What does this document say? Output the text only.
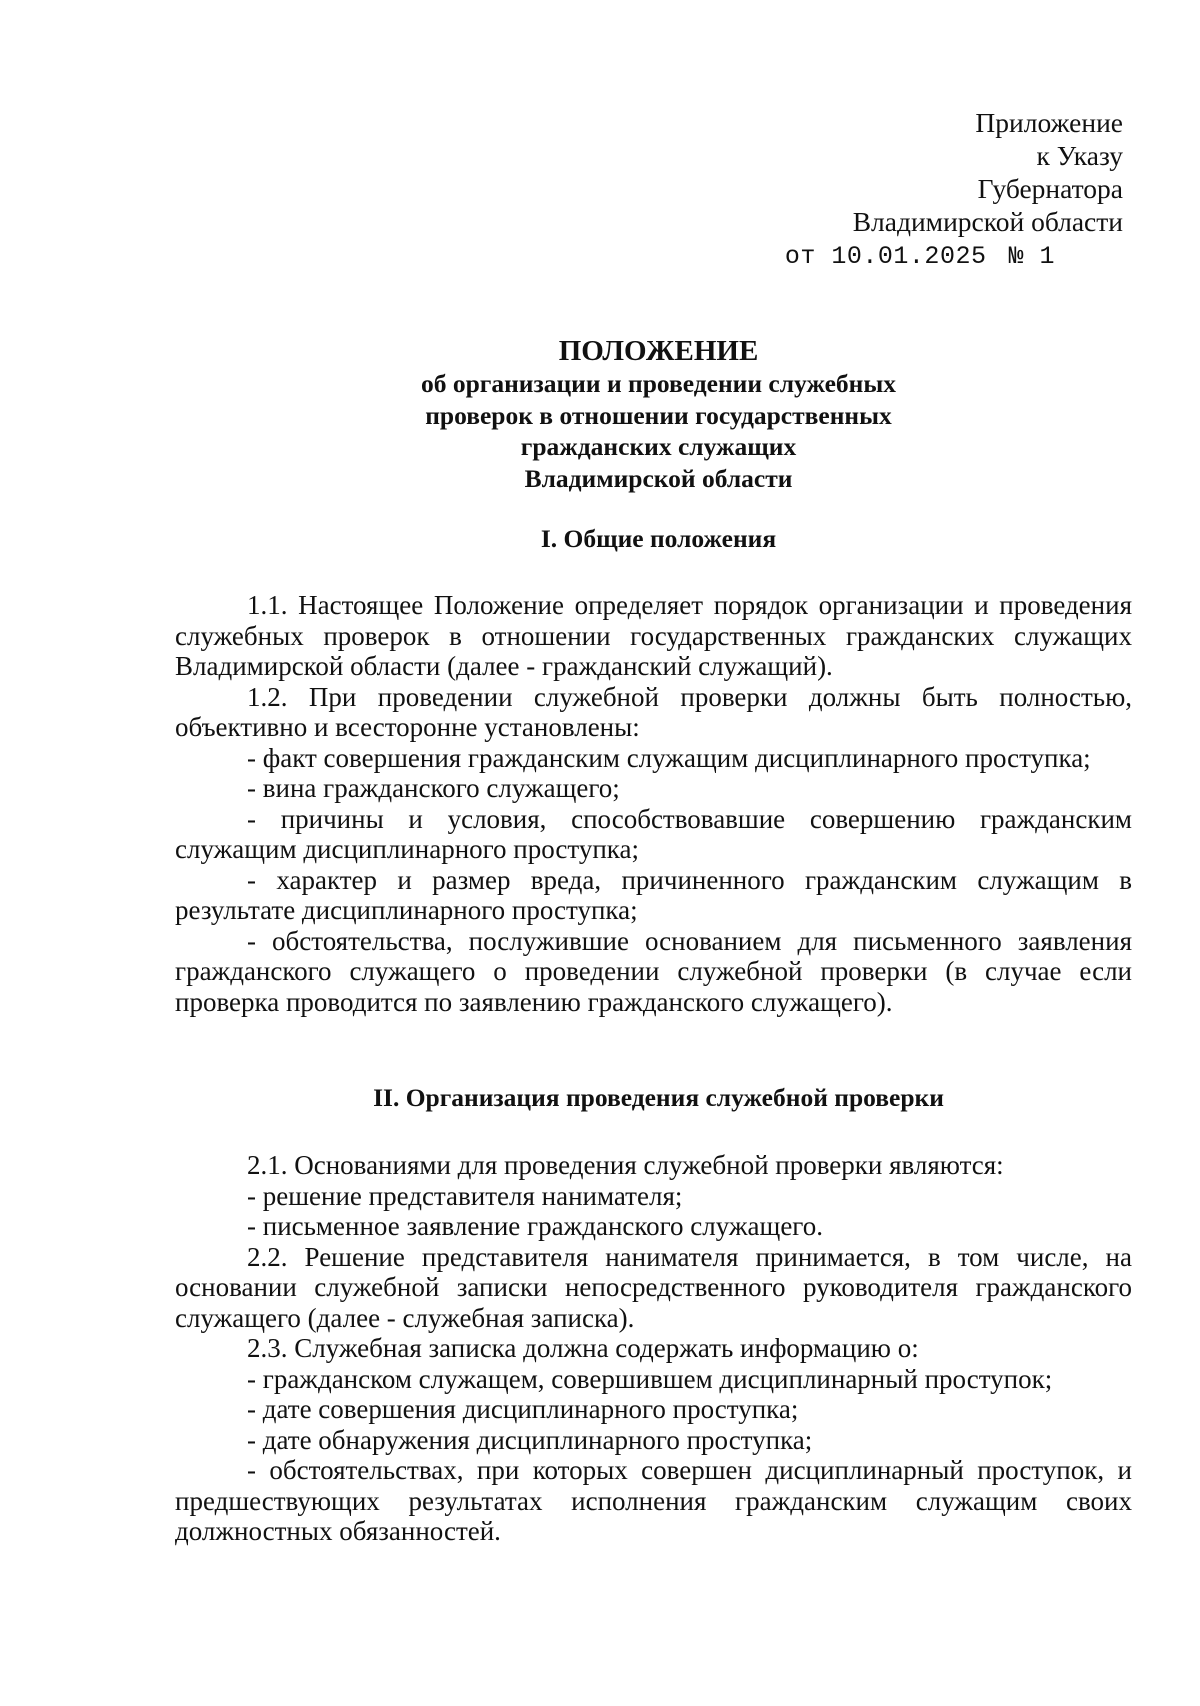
Приложение
к Указу
Губернатора
Владимирской области
от 10.01.2025 № 1
ПОЛОЖЕНИЕ
об организации и проведении служебных
проверок в отношении государственных
гражданских служащих
Владимирской области
I. Общие положения

1.1. Настоящее Положение определяет порядок организации и проведения служебных проверок в отношении государственных гражданских служащих Владимирской области (далее - гражданский служащий).

1.2. При проведении служебной проверки должны быть полностью, объективно и всесторонне установлены:

- факт совершения гражданским служащим дисциплинарного проступка;

- вина гражданского служащего;

- причины и условия, способствовавшие совершению гражданским служащим дисциплинарного проступка;

- характер и размер вреда, причиненного гражданским служащим в результате дисциплинарного проступка;

- обстоятельства, послужившие основанием для письменного заявления гражданского служащего о проведении служебной проверки (в случае если проверка проводится по заявлению гражданского служащего).

II. Организация проведения служебной проверки

2.1. Основаниями для проведения служебной проверки являются:

- решение представителя нанимателя;

- письменное заявление гражданского служащего.

2.2. Решение представителя нанимателя принимается, в том числе, на основании служебной записки непосредственного руководителя гражданского служащего (далее - служебная записка).

2.3. Служебная записка должна содержать информацию о:

- гражданском служащем, совершившем дисциплинарный проступок;

- дате совершения дисциплинарного проступка;

- дате обнаружения дисциплинарного проступка;

- обстоятельствах, при которых совершен дисциплинарный проступок, и предшествующих результатах исполнения гражданским служащим своих должностных обязанностей.
